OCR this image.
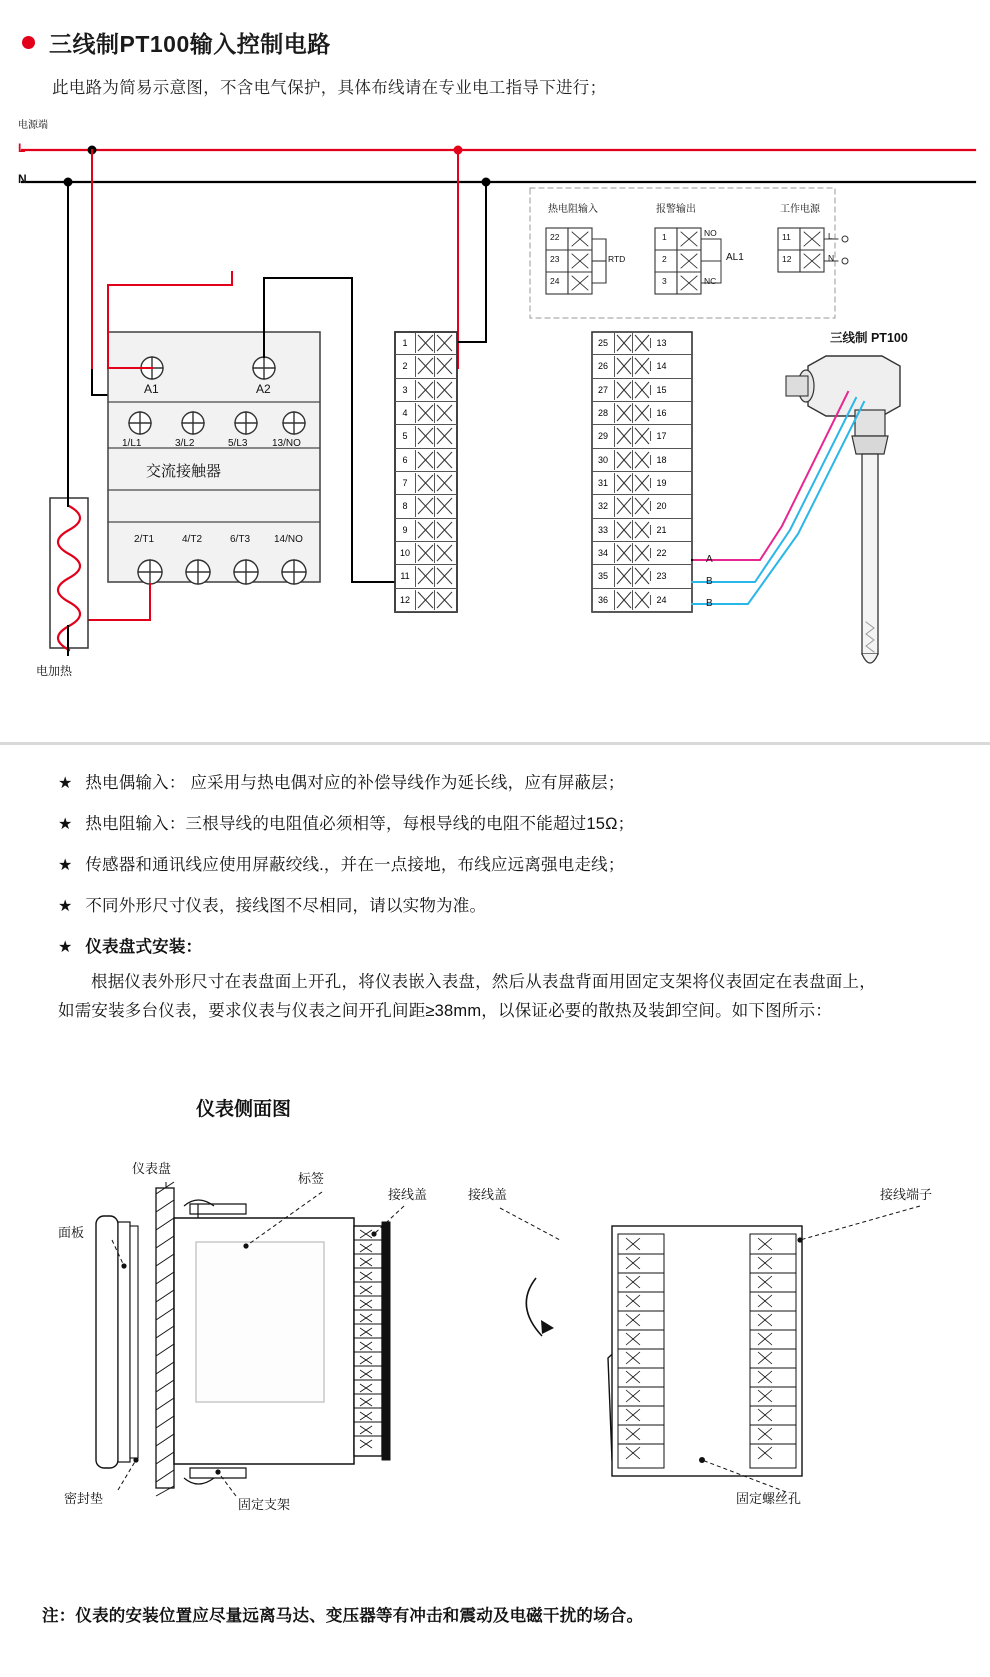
三线制PT100输入控制电路
此电路为简易示意图，不含电气保护，具体布线请在专业电工指导下进行；
电源端
L
N
A1	A2
1/L1	3/L2	5/L3 13/NO
交流接触器
2/T1	4/T2	6/T3 14/NO
电加热
三线制 PT100
热电阻输入
22
23
24
RTD
报警输出
1
2
3
NO
NC
AL1
工作电源
11
12
L
N
1
2
3
4
5
6
7
8
9
10
11
12
25	13
26	14
27	15
28	16
29	17
30	18
31	19
32	20
33	21
34	22
35	23
36	24
A
B
B
★ 热电偶输入： 应采用与热电偶对应的补偿导线作为延长线，应有屏蔽层；
★ 热电阻输入：三根导线的电阻值必须相等，每根导线的电阻不能超过15Ω；
★ 传感器和通讯线应使用屏蔽绞线.，并在一点接地，布线应远离强电走线；
★ 不同外形尺寸仪表，接线图不尽相同，请以实物为准。
★ 仪表盘式安装：
根据仪表外形尺寸在表盘面上开孔，将仪表嵌入表盘，然后从表盘背面用固定支架将仪表固定在表盘面上，如需安装多台仪表，要求仪表与仪表之间开孔间距≥38mm，以保证必要的散热及装卸空间。如下图所示：
仪表侧面图
仪表盘
面板
标签
接线盖	接线盖	接线端子
密封垫	固定支架	固定螺丝孔
注：仪表的安装位置应尽量远离马达、变压器等有冲击和震动及电磁干扰的场合。
